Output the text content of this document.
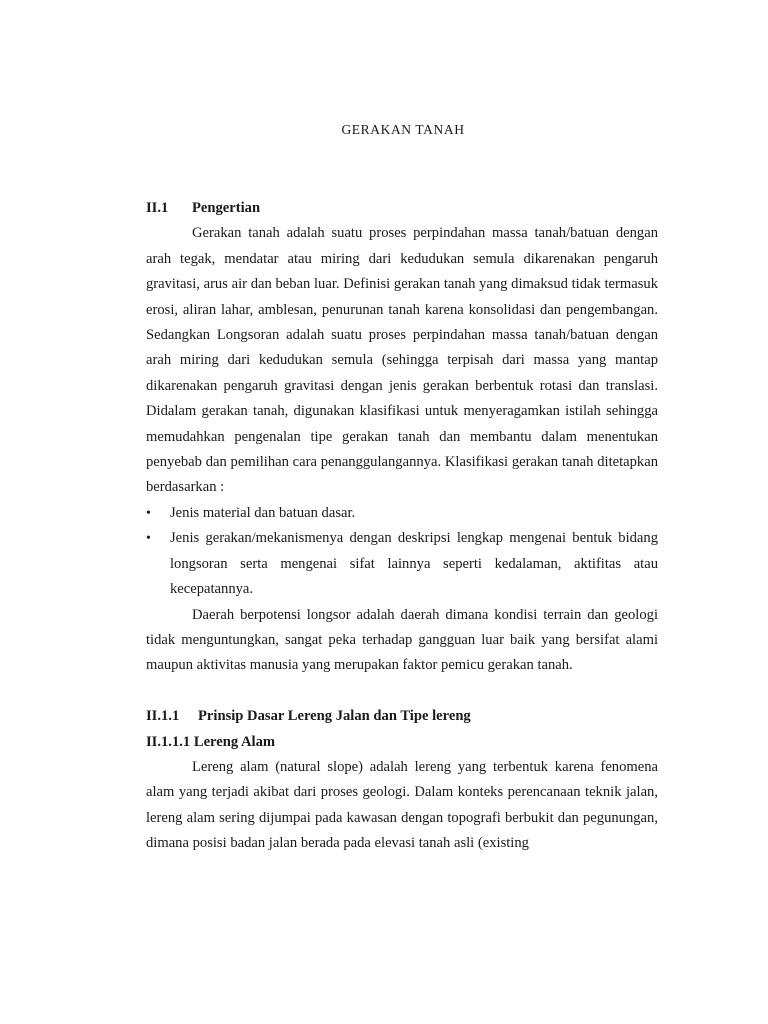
GERAKAN TANAH
II.1 Pengertian

Gerakan tanah adalah suatu proses perpindahan massa tanah/batuan dengan arah tegak, mendatar atau miring dari kedudukan semula dikarenakan pengaruh gravitasi, arus air dan beban luar. Definisi gerakan tanah yang dimaksud tidak termasuk erosi, aliran lahar, amblesan, penurunan tanah karena konsolidasi dan pengembangan. Sedangkan Longsoran adalah suatu proses perpindahan massa tanah/batuan dengan arah miring dari kedudukan semula (sehingga terpisah dari massa yang mantap dikarenakan pengaruh gravitasi dengan jenis gerakan berbentuk rotasi dan translasi. Didalam gerakan tanah, digunakan klasifikasi untuk menyeragamkan istilah sehingga memudahkan pengenalan tipe gerakan tanah dan membantu dalam menentukan penyebab dan pemilihan cara penanggulangannya. Klasifikasi gerakan tanah ditetapkan berdasarkan :

• Jenis material dan batuan dasar.
• Jenis gerakan/mekanismenya dengan deskripsi lengkap mengenai bentuk bidang longsoran serta mengenai sifat lainnya seperti kedalaman, aktifitas atau kecepatannya.

Daerah berpotensi longsor adalah daerah dimana kondisi terrain dan geologi tidak menguntungkan, sangat peka terhadap gangguan luar baik yang bersifat alami maupun aktivitas manusia yang merupakan faktor pemicu gerakan tanah.

II.1.1 Prinsip Dasar Lereng Jalan dan Tipe lereng
II.1.1.1 Lereng Alam

Lereng alam (natural slope) adalah lereng yang terbentuk karena fenomena alam yang terjadi akibat dari proses geologi. Dalam konteks perencanaan teknik jalan, lereng alam sering dijumpai pada kawasan dengan topografi berbukit dan pegunungan, dimana posisi badan jalan berada pada elevasi tanah asli (existing
